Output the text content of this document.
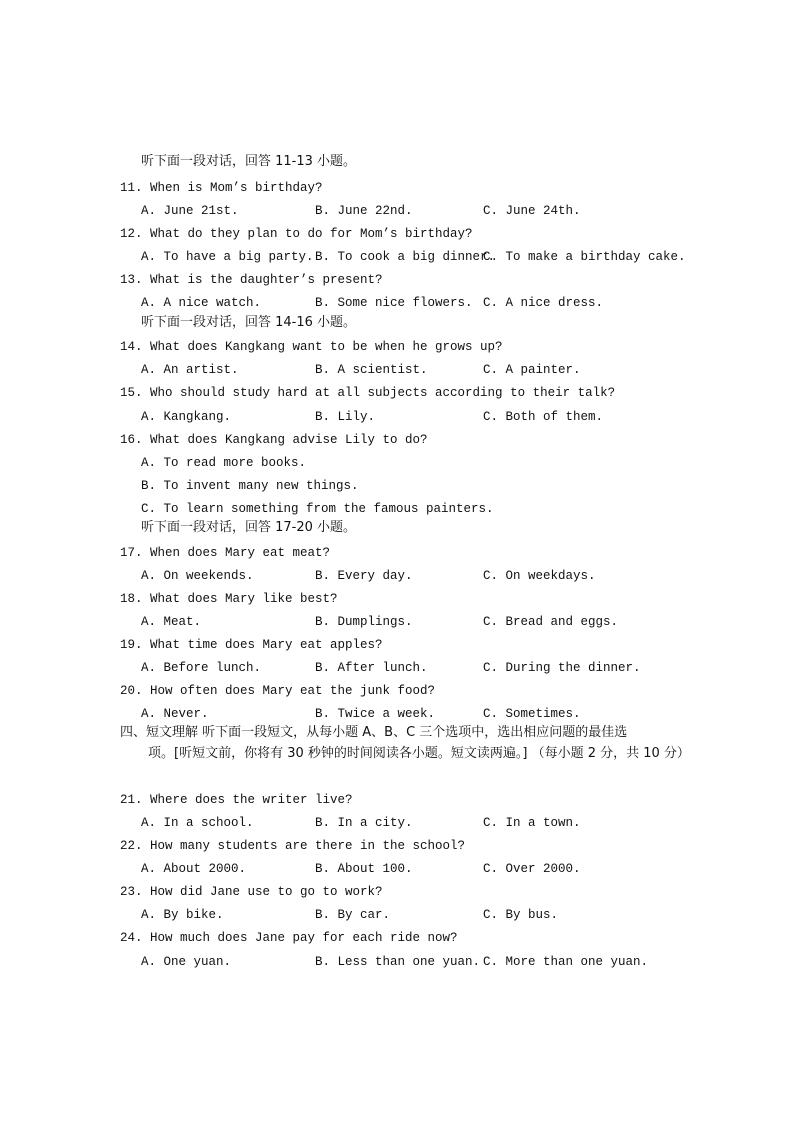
听下面一段对话，回答 11-13 小题。
11. When is Mom’s birthday?
A. June 21st.	B. June 22nd.	C. June 24th.
12. What do they plan to do for Mom’s birthday?
A. To have a big party. B. To cook a big dinner.
C. To make a birthday cake.
13. What is the daughter’s present?
A. A nice watch.	B. Some nice flowers. C. A nice dress.
听下面一段对话，回答 14-16 小题。
14. What does Kangkang want to be when he grows up?
A. An artist.	B. A scientist.	C. A painter.
15. Who should study hard at all subjects according to their talk?
A. Kangkang.	B. Lily.	C. Both of them.
16. What does Kangkang advise Lily to do?
A. To read more books.
B. To invent many new things.
C. To learn something from the famous painters.
听下面一段对话，回答 17-20 小题。
17. When does Mary eat meat?
A. On weekends.	B. Every day.	C. On weekdays.
18. What does Mary like best?
A. Meat.	B. Dumplings.	C. Bread and eggs.
19. What time does Mary eat apples?
A. Before lunch.	B. After lunch.	C. During the dinner.
20. How often does Mary eat the junk food?
A. Never.	B. Twice a week.	C. Sometimes.
四、短文理解 听下面一段短文，从每小题 A、B、C 三个选项中，选出相应问题的最佳选
项。[听短文前，你将有 30 秒钟的时间阅读各小题。短文读两遍。] （每小题 2 分，共 10 分）
21. Where does the writer live?
A. In a school.	B. In a city.	C. In a town.
22. How many students are there in the school?
A. About 2000.	B. About 100.	C. Over 2000.
23. How did Jane use to go to work?
A. By bike.	B. By car.	C. By bus.
24. How much does Jane pay for each ride now?
A. One yuan.	B. Less than one yuan. C. More than one yuan.
